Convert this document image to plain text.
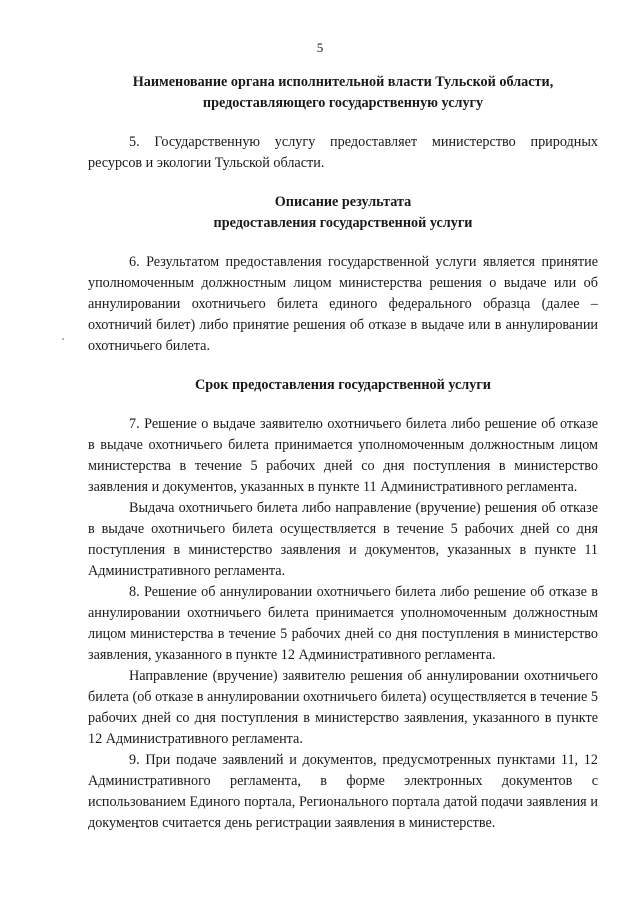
5
Наименование органа исполнительной власти Тульской области,
предоставляющего государственную услугу

5. Государственную услугу предоставляет министерство природных ресурсов и экологии Тульской области.

Описание результата
предоставления государственной услуги

6. Результатом предоставления государственной услуги является принятие уполномоченным должностным лицом министерства решения о выдаче или об аннулировании охотничьего билета единого федерального образца (далее – охотничий билет) либо принятие решения об отказе в выдаче или в аннулировании охотничьего билета.

Срок предоставления государственной услуги

7. Решение о выдаче заявителю охотничьего билета либо решение об отказе в выдаче охотничьего билета принимается уполномоченным должностным лицом министерства в течение 5 рабочих дней со дня поступления в министерство заявления и документов, указанных в пункте 11 Административного регламента.

Выдача охотничьего билета либо направление (вручение) решения об отказе в выдаче охотничьего билета осуществляется в течение 5 рабочих дней со дня поступления в министерство заявления и документов, указанных в пункте 11 Административного регламента.

8. Решение об аннулировании охотничьего билета либо решение об отказе в аннулировании охотничьего билета принимается уполномоченным должностным лицом министерства в течение 5 рабочих дней со дня поступления в министерство заявления, указанного в пункте 12 Административного регламента.

Направление (вручение) заявителю решения об аннулировании охотничьего билета (об отказе в аннулировании охотничьего билета) осуществляется в течение 5 рабочих дней со дня поступления в министерство заявления, указанного в пункте 12 Административного регламента.

9. При подаче заявлений и документов, предусмотренных пунктами 11, 12 Административного регламента, в форме электронных документов с использованием Единого портала, Регионального портала датой подачи заявления и документов считается день регистрации заявления в министерстве.
